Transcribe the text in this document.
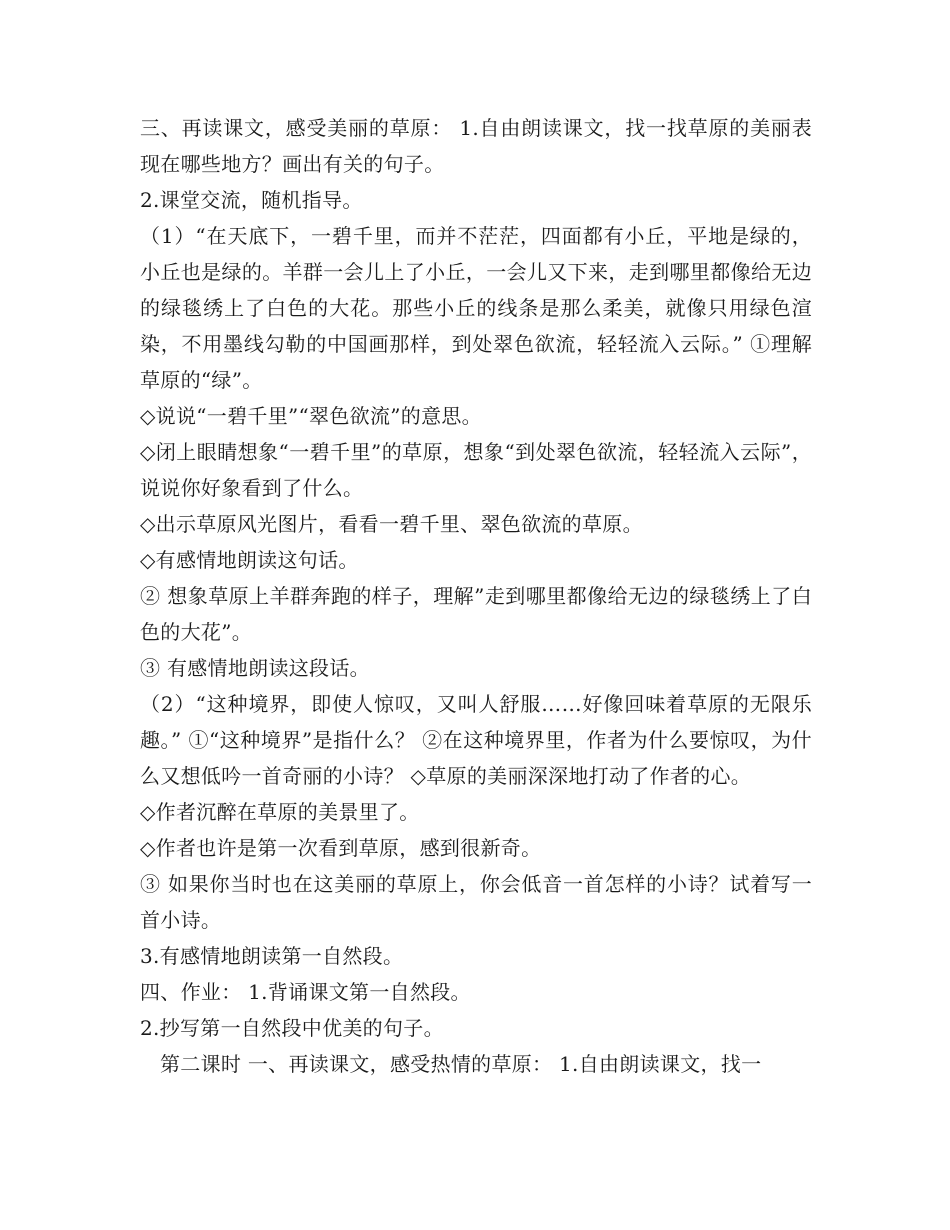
三、再读课文，感受美丽的草原： 1.自由朗读课文，找一找草原的美丽表现在哪些地方？画出有关的句子。

2.课堂交流，随机指导。

（1）“在天底下，一碧千里，而并不茫茫，四面都有小丘，平地是绿的，小丘也是绿的。羊群一会儿上了小丘，一会儿又下来，走到哪里都像给无边的绿毯绣上了白色的大花。那些小丘的线条是那么柔美，就像只用绿色渲染，不用墨线勾勒的中国画那样，到处翠色欲流，轻轻流入云际。” ①理解草原的“绿”。

◇说说“一碧千里”“翠色欲流”的意思。

◇闭上眼睛想象“一碧千里”的草原，想象“到处翠色欲流，轻轻流入云际”，说说你好象看到了什么。

◇出示草原风光图片，看看一碧千里、翠色欲流的草原。

◇有感情地朗读这句话。

② 想象草原上羊群奔跑的样子，理解”走到哪里都像给无边的绿毯绣上了白色的大花”。

③ 有感情地朗读这段话。

（2）“这种境界，即使人惊叹，又叫人舒服……好像回味着草原的无限乐趣。” ①“这种境界”是指什么？ ②在这种境界里，作者为什么要惊叹，为什么又想低吟一首奇丽的小诗？ ◇草原的美丽深深地打动了作者的心。

◇作者沉醉在草原的美景里了。

◇作者也许是第一次看到草原，感到很新奇。

③ 如果你当时也在这美丽的草原上，你会低音一首怎样的小诗？试着写一首小诗。

3.有感情地朗读第一自然段。

四、作业： 1.背诵课文第一自然段。

2.抄写第一自然段中优美的句子。

第二课时 一、再读课文，感受热情的草原： 1.自由朗读课文，找一
